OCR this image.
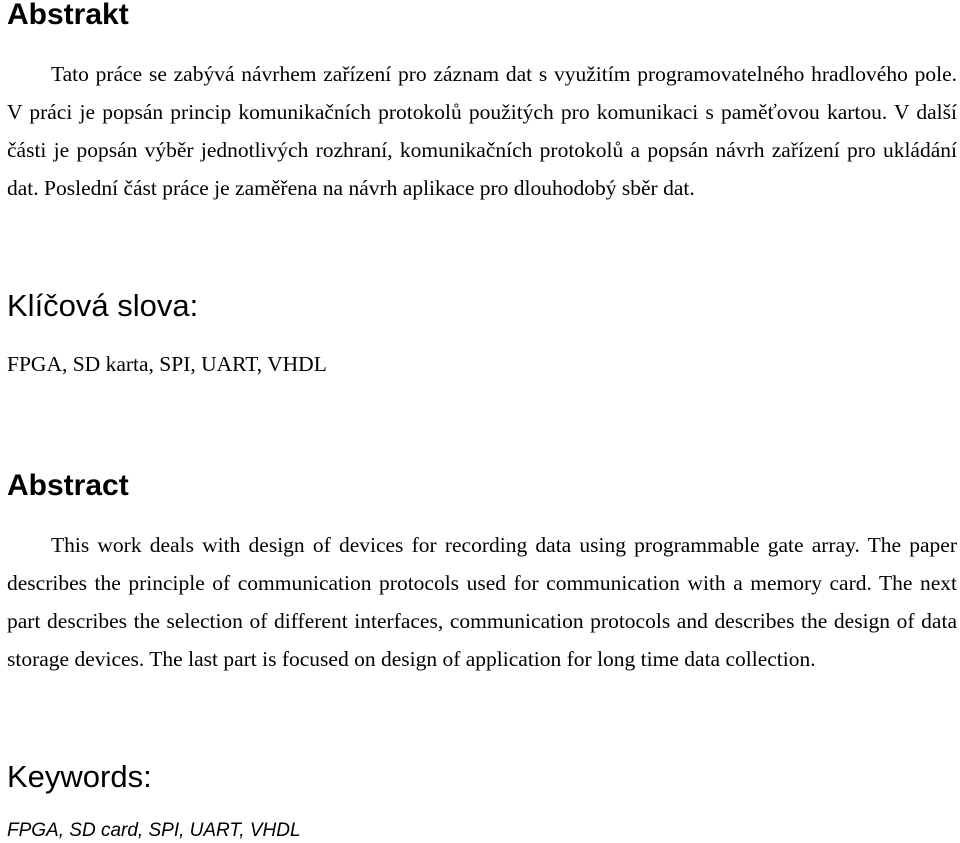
Abstrakt

Tato práce se zabývá návrhem zařízení pro záznam dat s využitím programovatelného hradlového pole. V práci je popsán princip komunikačních protokolů použitých pro komunikaci s paměťovou kartou. V další části je popsán výběr jednotlivých rozhraní, komunikačních protokolů a popsán návrh zařízení pro ukládání dat. Poslední část práce je zaměřena na návrh aplikace pro dlouhodobý sběr dat.

Klíčová slova:

FPGA, SD karta, SPI, UART, VHDL

Abstract

This work deals with design of devices for recording data using programmable gate array. The paper describes the principle of communication protocols used for communication with a memory card. The next part describes the selection of different interfaces, communication protocols and describes the design of data storage devices. The last part is focused on design of application for long time data collection.

Keywords:

FPGA, SD card, SPI, UART, VHDL
